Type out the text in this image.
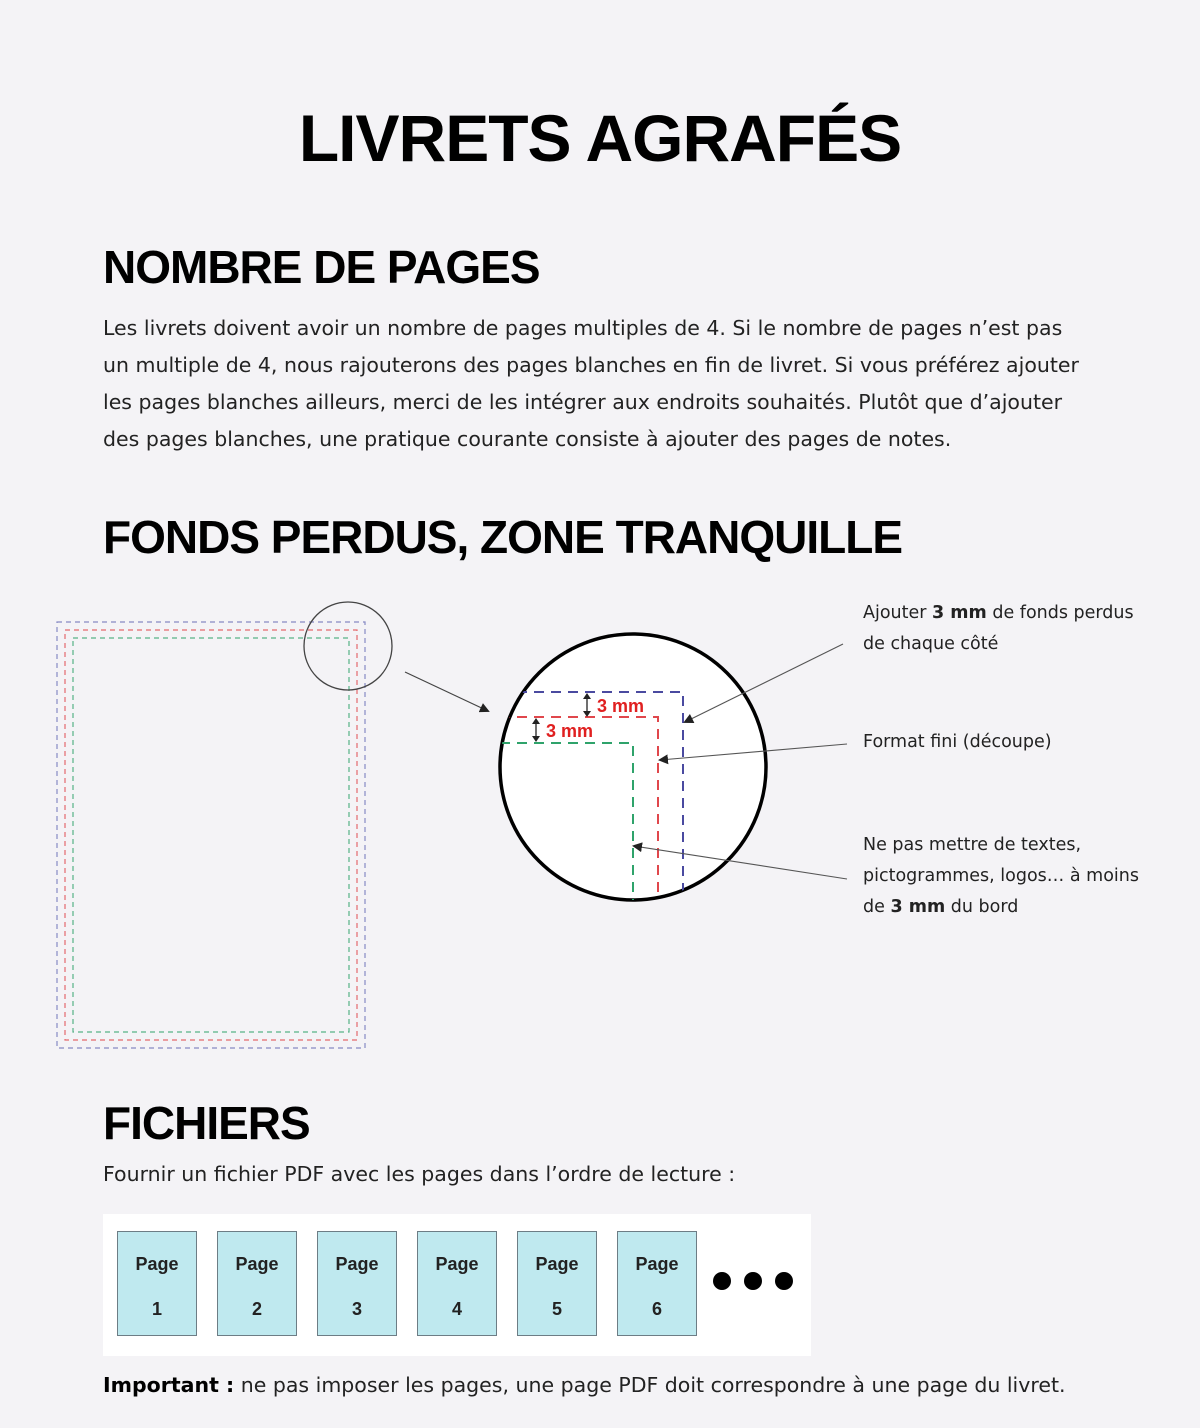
LIVRETS AGRAFÉS
NOMBRE DE PAGES
Les livrets doivent avoir un nombre de pages multiples de 4. Si le nombre de pages n’est pas
un multiple de 4, nous rajouterons des pages blanches en fin de livret. Si vous préférez ajouter
les pages blanches ailleurs, merci de les intégrer aux endroits souhaités. Plutôt que d’ajouter
des pages blanches, une pratique courante consiste à ajouter des pages de notes.
FONDS PERDUS, ZONE TRANQUILLE
3 mm
3 mm

Ajouter 3 mm de fonds perdus
de chaque côté

Format fini (découpe)

Ne pas mettre de textes,
pictogrammes, logos… à moins
de 3 mm du bord

FICHIERS

Fournir un fichier PDF avec les pages dans l’ordre de lecture :

Page
1
Page
2
Page
3
Page
4
Page
5
Page
6

Important : ne pas imposer les pages, une page PDF doit correspondre à une page du livret.
